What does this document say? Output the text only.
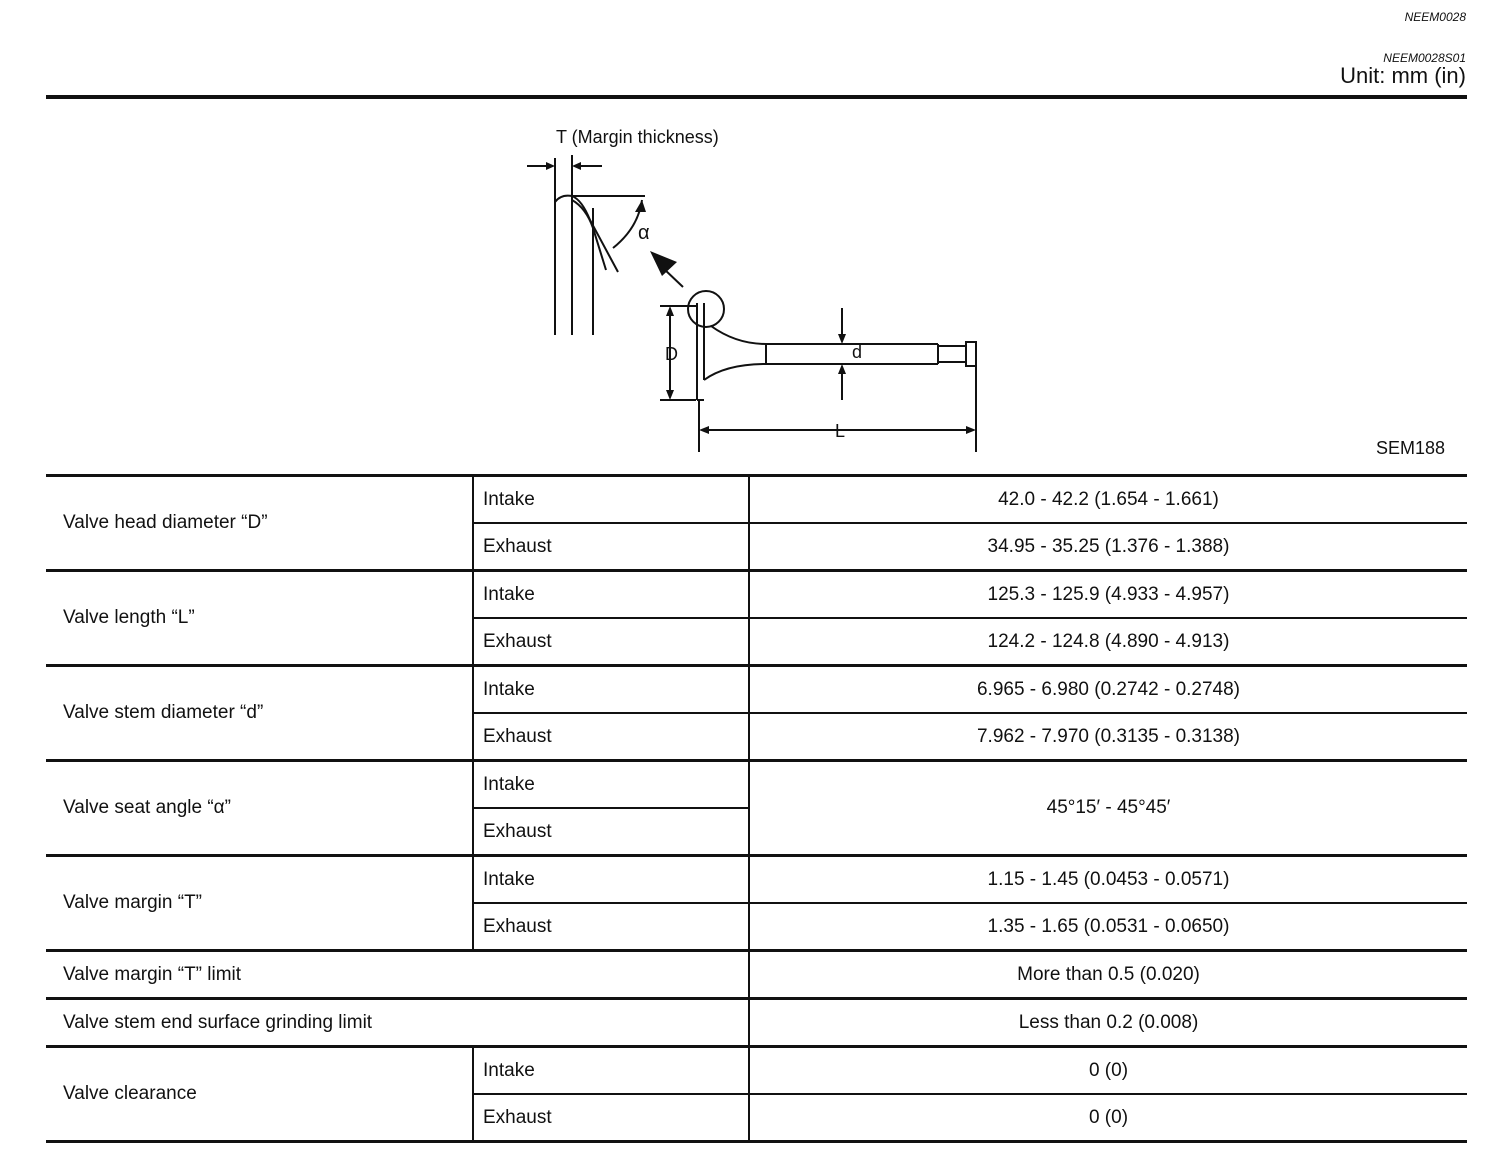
NEEM0028
NEEM0028S01
Unit: mm (in)
T (Margin thickness)
α
D	d
L
SEM188
Valve head diameter “D”	Intake	42.0 - 42.2 (1.654 - 1.661)
	Exhaust	34.95 - 35.25 (1.376 - 1.388)
Valve length “L”	Intake	125.3 - 125.9 (4.933 - 4.957)
	Exhaust	124.2 - 124.8 (4.890 - 4.913)
Valve stem diameter “d”	Intake	6.965 - 6.980 (0.2742 - 0.2748)
	Exhaust	7.962 - 7.970 (0.3135 - 0.3138)
Valve seat angle “α”	Intake	45°15′ - 45°45′
	Exhaust	
Valve margin “T”	Intake	1.15 - 1.45 (0.0453 - 0.0571)
	Exhaust	1.35 - 1.65 (0.0531 - 0.0650)
Valve margin “T” limit		More than 0.5 (0.020)
Valve stem end surface grinding limit		Less than 0.2 (0.008)
Valve clearance	Intake	0 (0)
	Exhaust	0 (0)
